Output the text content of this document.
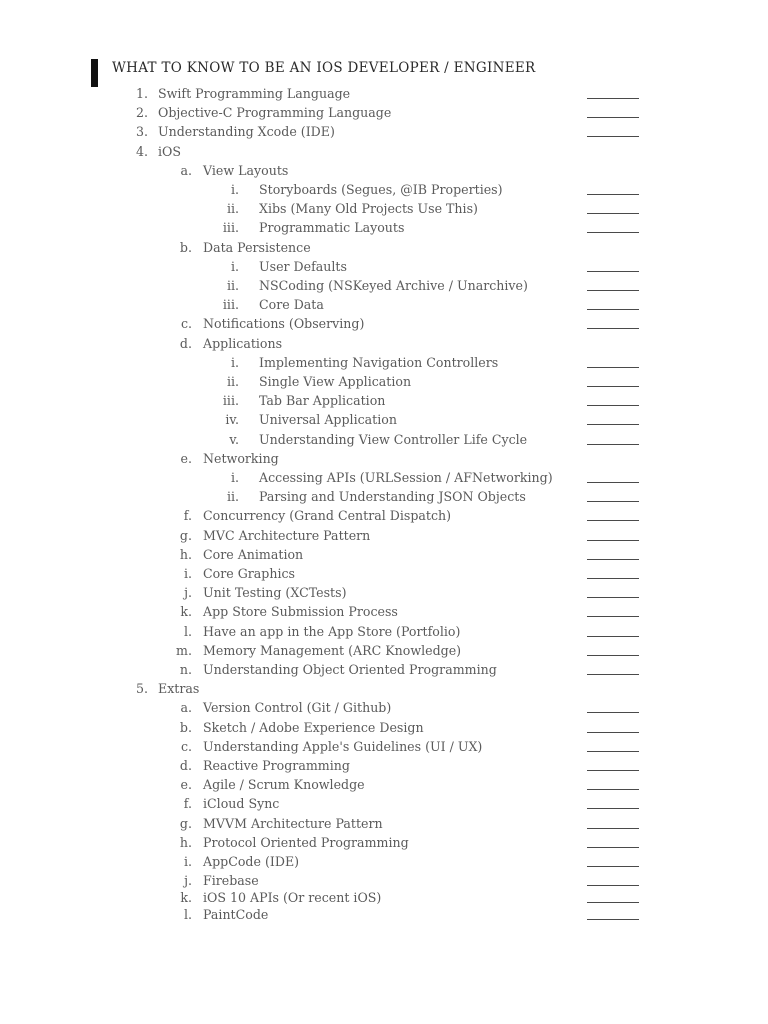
WHAT TO KNOW TO BE AN IOS DEVELOPER / ENGINEER
1. Swift Programming Language
2. Objective-C Programming Language
3. Understanding Xcode (IDE)
4. iOS
a. View Layouts
i. Storyboards (Segues, @IB Properties)
ii. Xibs (Many Old Projects Use This)
iii. Programmatic Layouts
b. Data Persistence
i. User Defaults
ii. NSCoding (NSKeyed Archive / Unarchive)
iii. Core Data
c. Notifications (Observing)
d. Applications
i. Implementing Navigation Controllers
ii. Single View Application
iii. Tab Bar Application
iv. Universal Application
v. Understanding View Controller Life Cycle
e. Networking
i. Accessing APIs (URLSession / AFNetworking)
ii. Parsing and Understanding JSON Objects
f. Concurrency (Grand Central Dispatch)
g. MVC Architecture Pattern
h. Core Animation
i. Core Graphics
j. Unit Testing (XCTests)
k. App Store Submission Process
l. Have an app in the App Store (Portfolio)
m. Memory Management (ARC Knowledge)
n. Understanding Object Oriented Programming
5. Extras
a. Version Control (Git / Github)
b. Sketch / Adobe Experience Design
c. Understanding Apple's Guidelines (UI / UX)
d. Reactive Programming
e. Agile / Scrum Knowledge
f. iCloud Sync
g. MVVM Architecture Pattern
h. Protocol Oriented Programming
i. AppCode (IDE)
j. Firebase
k. iOS 10 APIs (Or recent iOS)
l. PaintCode
